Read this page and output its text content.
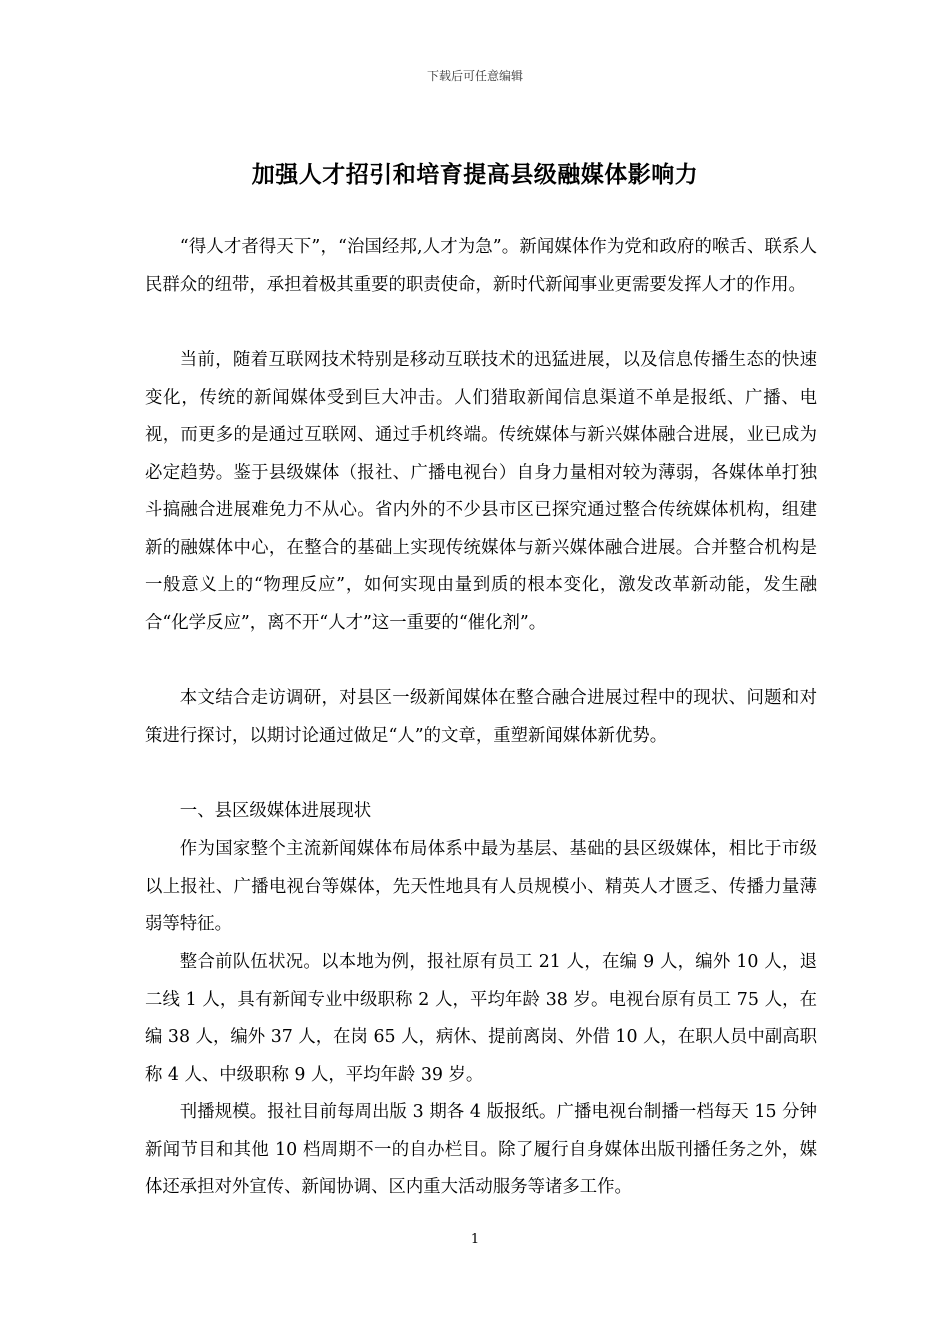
下载后可任意编辑
加强人才招引和培育提高县级融媒体影响力

“得人才者得天下”，“治国经邦,人才为急”。新闻媒体作为党和政府的喉舌、联系人民群众的纽带，承担着极其重要的职责使命，新时代新闻事业更需要发挥人才的作用。

当前，随着互联网技术特别是移动互联技术的迅猛进展，以及信息传播生态的快速变化，传统的新闻媒体受到巨大冲击。人们猎取新闻信息渠道不单是报纸、广播、电视，而更多的是通过互联网、通过手机终端。传统媒体与新兴媒体融合进展，业已成为必定趋势。鉴于县级媒体（报社、广播电视台）自身力量相对较为薄弱，各媒体单打独斗搞融合进展难免力不从心。省内外的不少县市区已探究通过整合传统媒体机构，组建新的融媒体中心，在整合的基础上实现传统媒体与新兴媒体融合进展。合并整合机构是一般意义上的“物理反应”，如何实现由量到质的根本变化，激发改革新动能，发生融合“化学反应”，离不开“人才”这一重要的“催化剂”。

本文结合走访调研，对县区一级新闻媒体在整合融合进展过程中的现状、问题和对策进行探讨，以期讨论通过做足“人”的文章，重塑新闻媒体新优势。

一、县区级媒体进展现状

作为国家整个主流新闻媒体布局体系中最为基层、基础的县区级媒体，相比于市级以上报社、广播电视台等媒体，先天性地具有人员规模小、精英人才匮乏、传播力量薄弱等特征。

整合前队伍状况。以本地为例，报社原有员工 21 人，在编 9 人，编外 10 人，退二线 1 人，具有新闻专业中级职称 2 人，平均年龄 38 岁。电视台原有员工 75 人，在编 38 人，编外 37 人，在岗 65 人，病休、提前离岗、外借 10 人，在职人员中副高职称 4 人、中级职称 9 人，平均年龄 39 岁。

刊播规模。报社目前每周出版 3 期各 4 版报纸。广播电视台制播一档每天 15 分钟新闻节目和其他 10 档周期不一的自办栏目。除了履行自身媒体出版刊播任务之外，媒体还承担对外宣传、新闻协调、区内重大活动服务等诸多工作。

1
